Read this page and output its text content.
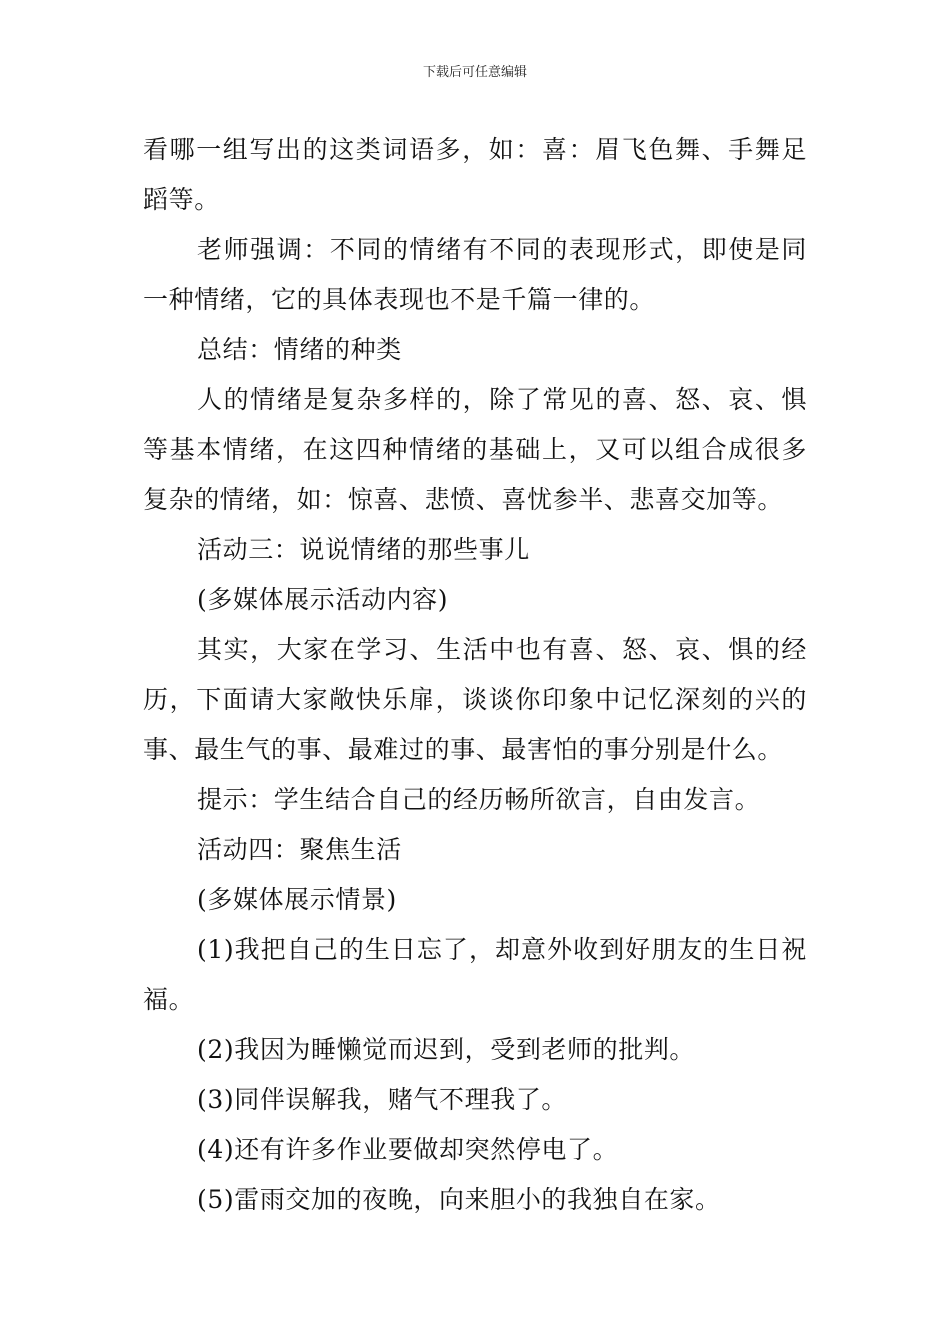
下载后可任意编辑

看哪一组写出的这类词语多，如：喜：眉飞色舞、手舞足蹈等。

老师强调：不同的情绪有不同的表现形式，即使是同一种情绪，它的具体表现也不是千篇一律的。

总结：情绪的种类

人的情绪是复杂多样的，除了常见的喜、怒、哀、惧等基本情绪，在这四种情绪的基础上，又可以组合成很多复杂的情绪，如：惊喜、悲愤、喜忧参半、悲喜交加等。

活动三：说说情绪的那些事儿

(多媒体展示活动内容)

其实，大家在学习、生活中也有喜、怒、哀、惧的经历，下面请大家敞快乐扉，谈谈你印象中记忆深刻的兴的事、最生气的事、最难过的事、最害怕的事分别是什么。

提示：学生结合自己的经历畅所欲言，自由发言。

活动四：聚焦生活

(多媒体展示情景)

(1)我把自己的生日忘了，却意外收到好朋友的生日祝福。

(2)我因为睡懒觉而迟到，受到老师的批判。

(3)同伴误解我，赌气不理我了。

(4)还有许多作业要做却突然停电了。

(5)雷雨交加的夜晚，向来胆小的我独自在家。
